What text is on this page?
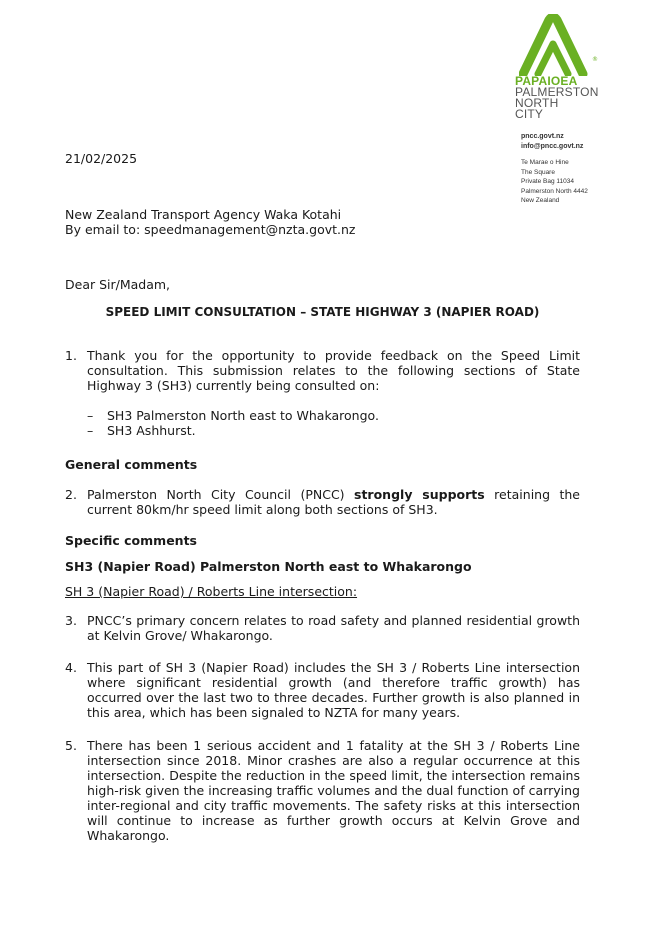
®
PAPAIOEA
PALMERSTON
NORTH
CITY
pncc.govt.nz
info@pncc.govt.nz
Te Marae o Hine
The Square
Private Bag 11034
Palmerston North 4442
New Zealand
21/02/2025
New Zealand Transport Agency Waka Kotahi
By email to: speedmanagement@nzta.govt.nz
Dear Sir/Madam,
SPEED LIMIT CONSULTATION – STATE HIGHWAY 3 (NAPIER ROAD)
1. Thank you for the opportunity to provide feedback on the Speed Limit consultation. This submission relates to the following sections of State Highway 3 (SH3) currently being consulted on:
– SH3 Palmerston North east to Whakarongo.
– SH3 Ashhurst.
General comments
2. Palmerston North City Council (PNCC) strongly supports retaining the current 80km/hr speed limit along both sections of SH3.
Specific comments
SH3 (Napier Road) Palmerston North east to Whakarongo
SH 3 (Napier Road) / Roberts Line intersection:
3. PNCC’s primary concern relates to road safety and planned residential growth at Kelvin Grove/ Whakarongo.
4. This part of SH 3 (Napier Road) includes the SH 3 / Roberts Line intersection where significant residential growth (and therefore traffic growth) has occurred over the last two to three decades. Further growth is also planned in this area, which has been signaled to NZTA for many years.
5. There has been 1 serious accident and 1 fatality at the SH 3 / Roberts Line intersection since 2018. Minor crashes are also a regular occurrence at this intersection. Despite the reduction in the speed limit, the intersection remains high-risk given the increasing traffic volumes and the dual function of carrying inter-regional and city traffic movements. The safety risks at this intersection will continue to increase as further growth occurs at Kelvin Grove and Whakarongo.
